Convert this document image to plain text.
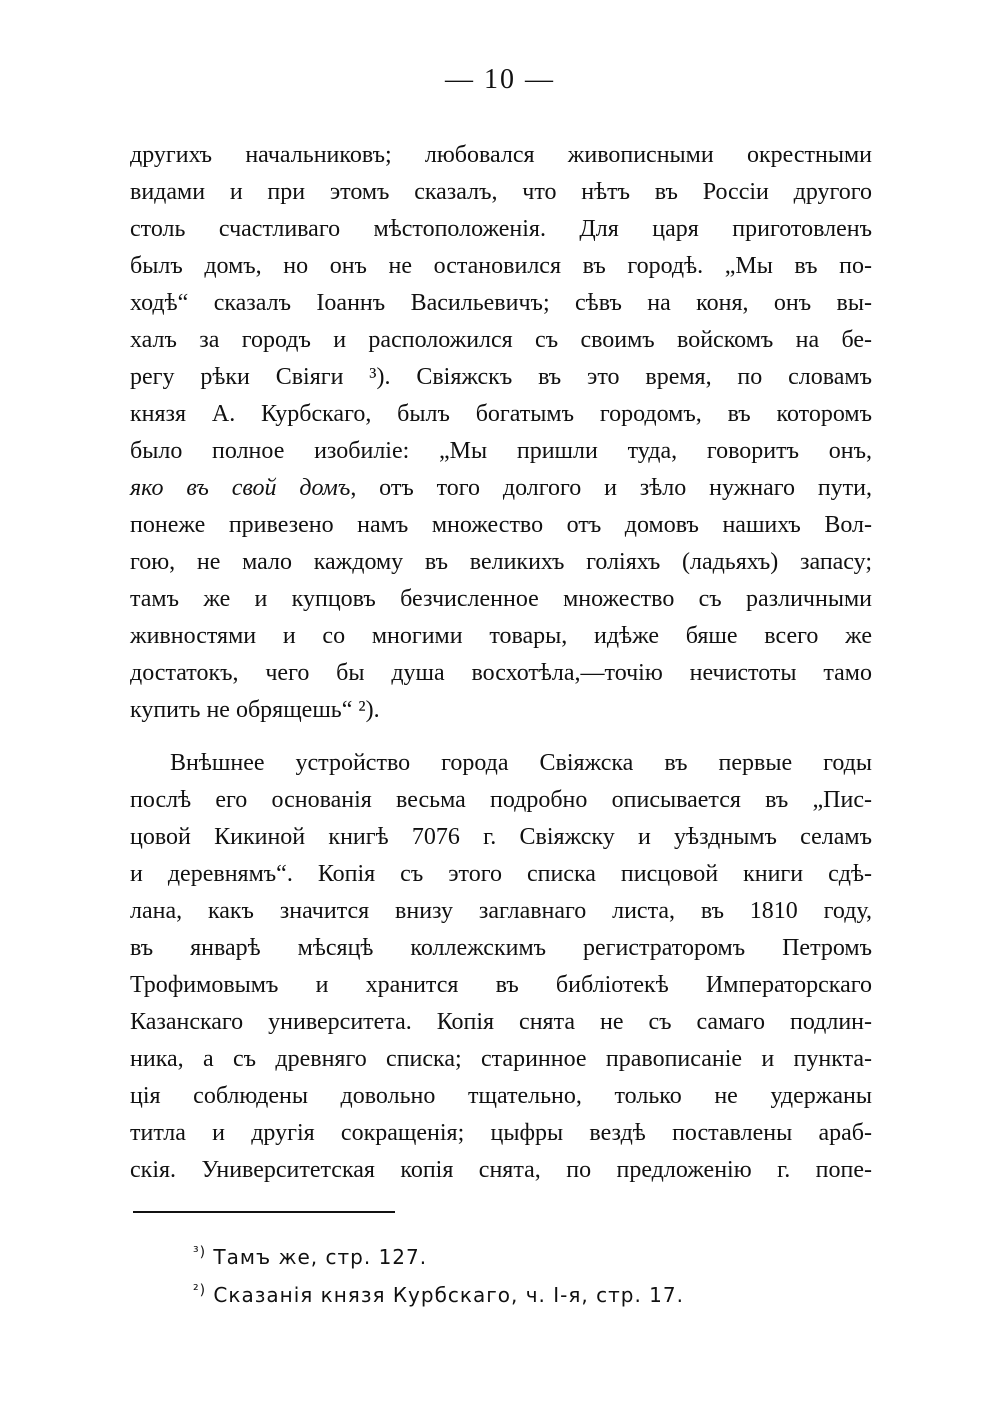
— 10 —
другихъ начальниковъ; любовался живописными окрестными
видами и при этомъ сказалъ, что нѣтъ въ Россіи другого
столь счастливаго мѣстоположенія. Для царя приготовленъ
былъ домъ, но онъ не остановился въ городѣ. „Мы въ по-
ходѣ“ сказалъ Іоаннъ Васильевичъ; сѣвъ на коня, онъ вы-
халъ за городъ и расположился съ своимъ войскомъ на бе-
регу рѣки Свіяги ³). Свіяжскъ въ это время, по словамъ
князя А. Курбскаго, былъ богатымъ городомъ, въ которомъ
было полное изобиліе: „Мы пришли туда, говоритъ онъ,
яко въ свой домъ, отъ того долгого и зѣло нужнаго пути,
понеже привезено намъ множество отъ домовъ нашихъ Вол-
гою, не мало каждому въ великихъ голіяхъ (ладьяхъ) запасу;
тамъ же и купцовъ безчисленное множество съ различными
живностями и со многими товары, идѣже бяше всего же
достатокъ, чего бы душа восхотѣла,—точію нечистоты тамо
купить не обрящешь“ ²).
Внѣшнее устройство города Свіяжска въ первые годы
послѣ его основанія весьма подробно описывается въ „Пис-
цовой Кикиной книгѣ 7076 г. Свіяжску и уѣзднымъ селамъ
и деревнямъ“. Копія съ этого списка писцовой книги сдѣ-
лана, какъ значится внизу заглавнаго листа, въ 1810 году,
въ январѣ мѣсяцѣ коллежскимъ регистраторомъ Петромъ
Трофимовымъ и хранится въ библіотекѣ Императорскаго
Казанскаго университета. Копія снята не съ самаго подлин-
ника, а съ древняго списка; старинное правописаніе и пункта-
ція соблюдены довольно тщательно, только не удержаны
титла и другія сокращенія; цыфры вездѣ поставлены араб-
скія. Университетская копія снята, по предложенію г. попе-
$^{^3)}$ Тамъ же, стр. 127.
$^{^2)}$ Сказанія князя Курбскаго, ч. I-я, стр. 17.
